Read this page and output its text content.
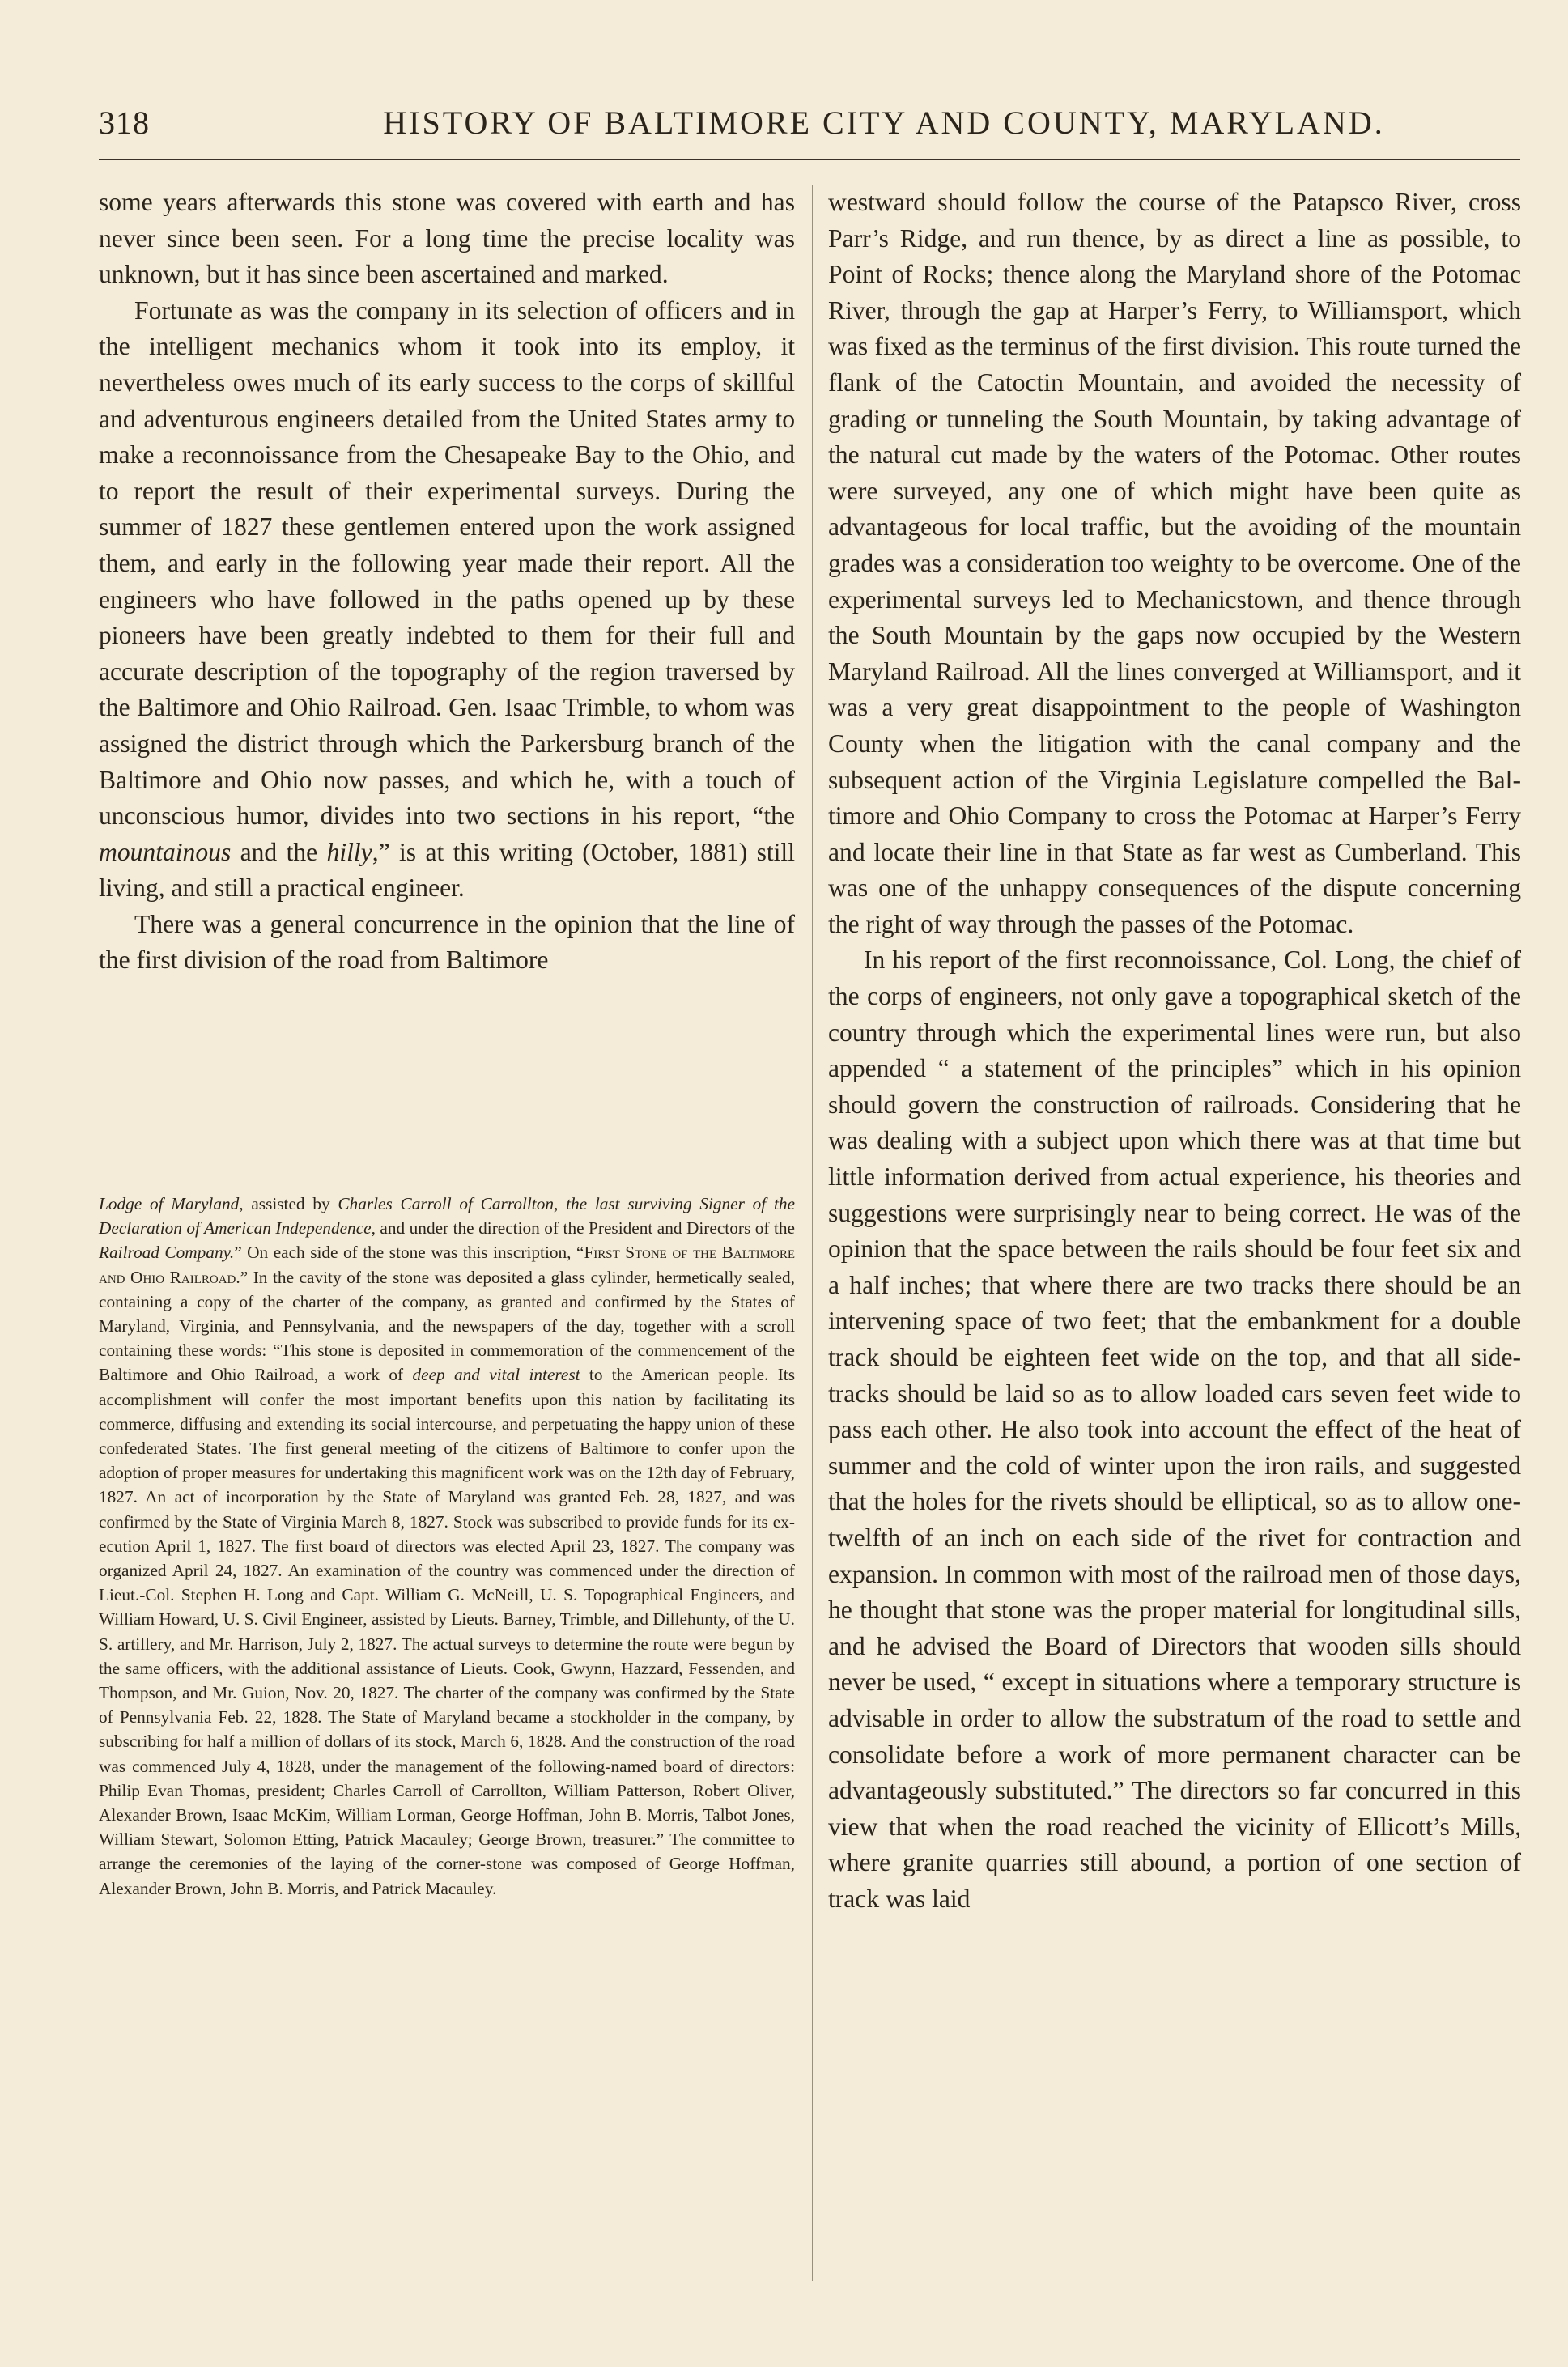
318	HISTORY OF BALTIMORE CITY AND COUNTY, MARYLAND.

some years afterwards this stone was covered with earth and has never since been seen. For a long time the precise locality was unknown, but it has since been ascertained and marked.

Fortunate as was the company in its selection of officers and in the intelligent mechanics whom it took into its employ, it nevertheless owes much of its early success to the corps of skillful and adventurous engineers detailed from the United States army to make a reconnoissance from the Chesapeake Bay to the Ohio, and to report the result of their experimental surveys. During the summer of 1827 these gentlemen entered upon the work assigned them, and early in the following year made their report. All the engineers who have followed in the paths opened up by these pioneers have been greatly indebted to them for their full and accurate description of the topography of the region traversed by the Baltimore and Ohio Railroad. Gen. Isaac Trimble, to whom was assigned the district through which the Parkersburg branch of the Baltimore and Ohio now passes, and which he, with a touch of unconscious humor, divides into two sections in his report, “the mountainous and the hilly,” is at this writing (October, 1881) still living, and still a practical engineer.

There was a general concurrence in the opinion that the line of the first division of the road from Baltimore

Lodge of Maryland, assisted by Charles Carroll of Carrollton, the last surviving Signer of the Declaration of American Independence, and under the direction of the President and Directors of the Railroad Company.” On each side of the stone was this inscription, “First Stone of the Baltimore and Ohio Railroad.” In the cavity of the stone was deposited a glass cylinder, hermetically sealed, containing a copy of the charter of the company, as granted and confirmed by the States of Maryland, Virginia, and Pennsylvania, and the newspapers of the day, together with a scroll containing these words: “This stone is deposited in commemoration of the commencement of the Baltimore and Ohio Railroad, a work of deep and vital interest to the American people. Its accomplishment will confer the most important benefits upon this nation by facilitating its commerce, diffusing and extending its social intercourse, and perpetuating the happy union of these confederated States. The first general meeting of the citizens of Baltimore to confer upon the adoption of proper measures for undertaking this magnificent work was on the 12th day of February, 1827. An act of incorporation by the State of Maryland was granted Feb. 28, 1827, and was confirmed by the State of Virginia March 8, 1827. Stock was subscribed to provide funds for its execution April 1, 1827. The first board of directors was elected April 23, 1827. The company was organized April 24, 1827. An examination of the country was commenced under the direction of Lieut.-Col. Stephen H. Long and Capt. William G. McNeill, U. S. Topographical Engineers, and William Howard, U. S. Civil Engineer, assisted by Lieuts. Barney, Trimble, and Dillehunty, of the U. S. artillery, and Mr. Harrison, July 2, 1827. The actual surveys to determine the route were begun by the same officers, with the additional assistance of Lieuts. Cook, Gwynn, Hazzard, Fessenden, and Thompson, and Mr. Guion, Nov. 20, 1827. The charter of the company was confirmed by the State of Pennsylvania Feb. 22, 1828. The State of Maryland became a stockholder in the company, by subscribing for half a million of dollars of its stock, March 6, 1828. And the construction of the road was commenced July 4, 1828, under the management of the following-named board of directors: Philip Evan Thomas, president; Charles Carroll of Carrollton, William Patterson, Robert Oliver, Alexander Brown, Isaac McKim, William Lorman, George Hoffman, John B. Morris, Talbot Jones, William Stewart, Solomon Etting, Patrick Macauley; George Brown, treasurer.” The committee to arrange the ceremonies of the laying of the corner-stone was composed of George Hoffman, Alexander Brown, John B. Morris, and Patrick Macauley.

westward should follow the course of the Patapsco River, cross Parr’s Ridge, and run thence, by as direct a line as possible, to Point of Rocks; thence along the Maryland shore of the Potomac River, through the gap at Harper’s Ferry, to Williamsport, which was fixed as the terminus of the first division. This route turned the flank of the Catoctin Mountain, and avoided the necessity of grading or tunneling the South Mountain, by taking advantage of the natural cut made by the waters of the Potomac. Other routes were surveyed, any one of which might have been quite as advantageous for local traffic, but the avoiding of the mountain grades was a consideration too weighty to be overcome. One of the experimental surveys led to Mechanicstown, and thence through the South Mountain by the gaps now occupied by the Western Maryland Railroad. All the lines converged at Williamsport, and it was a very great disappointment to the people of Washington County when the litigation with the canal company and the subsequent action of the Virginia Legislature compelled the Baltimore and Ohio Company to cross the Potomac at Harper’s Ferry and locate their line in that State as far west as Cumberland. This was one of the unhappy consequences of the dispute concerning the right of way through the passes of the Potomac.

In his report of the first reconnoissance, Col. Long, the chief of the corps of engineers, not only gave a topographical sketch of the country through which the experimental lines were run, but also appended “ a statement of the principles” which in his opinion should govern the construction of railroads. Considering that he was dealing with a subject upon which there was at that time but little information derived from actual experience, his theories and suggestions were surprisingly near to being correct. He was of the opinion that the space between the rails should be four feet six and a half inches; that where there are two tracks there should be an intervening space of two feet; that the embankment for a double track should be eighteen feet wide on the top, and that all side-tracks should be laid so as to allow loaded cars seven feet wide to pass each other. He also took into account the effect of the heat of summer and the cold of winter upon the iron rails, and suggested that the holes for the rivets should be elliptical, so as to allow one-twelfth of an inch on each side of the rivet for contraction and expansion. In common with most of the railroad men of those days, he thought that stone was the proper material for longitudinal sills, and he advised the Board of Directors that wooden sills should never be used, “ except in situations where a temporary structure is advisable in order to allow the substratum of the road to settle and consolidate before a work of more permanent character can be advantageously substituted.” The directors so far concurred in this view that when the road reached the vicinity of Ellicott’s Mills, where granite quarries still abound, a portion of one section of track was laid
